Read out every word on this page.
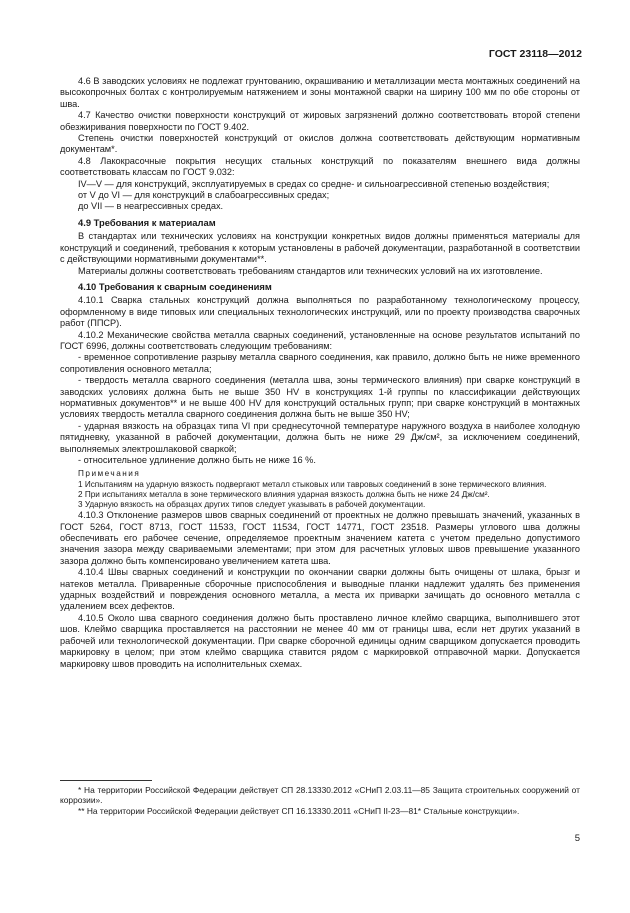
ГОСТ 23118—2012

4.6 В заводских условиях не подлежат грунтованию, окрашиванию и металлизации места монтажных соединений на высокопрочных болтах с контролируемым натяжением и зоны монтажной сварки на ширину 100 мм по обе стороны от шва.

4.7 Качество очистки поверхности конструкций от жировых загрязнений должно соответствовать второй степени обезжиривания поверхности по ГОСТ 9.402.

Степень очистки поверхностей конструкций от окислов должна соответствовать действующим нормативным документам*.

4.8 Лакокрасочные покрытия несущих стальных конструкций по показателям внешнего вида должны соответствовать классам по ГОСТ 9.032:

IV—V — для конструкций, эксплуатируемых в средах со средне- и сильноагрессивной степенью воздействия;

от V до VI — для конструкций в слабоагрессивных средах;

до VII — в неагрессивных средах.

4.9 Требования к материалам

В стандартах или технических условиях на конструкции конкретных видов должны применяться материалы для конструкций и соединений, требования к которым установлены в рабочей документации, разработанной в соответствии с действующими нормативными документами**.

Материалы должны соответствовать требованиям стандартов или технических условий на их изготовление.

4.10 Требования к сварным соединениям

4.10.1 Сварка стальных конструкций должна выполняться по разработанному технологическому процессу, оформленному в виде типовых или специальных технологических инструкций, или по проекту производства сварочных работ (ППСР).

4.10.2 Механические свойства металла сварных соединений, установленные на основе результатов испытаний по ГОСТ 6996, должны соответствовать следующим требованиям:

- временное сопротивление разрыву металла сварного соединения, как правило, должно быть не ниже временного сопротивления основного металла;

- твердость металла сварного соединения (металла шва, зоны термического влияния) при сварке конструкций в заводских условиях должна быть не выше 350 HV в конструкциях 1-й группы по классификации действующих нормативных документов** и не выше 400 HV для конструкций остальных групп; при сварке конструкций в монтажных условиях твердость металла сварного соединения должна быть не выше 350 HV;

- ударная вязкость на образцах типа VI при среднесуточной температуре наружного воздуха в наиболее холодную пятидневку, указанной в рабочей документации, должна быть не ниже 29 Дж/см², за исключением соединений, выполняемых электрошлаковой сваркой;

- относительное удлинение должно быть не ниже 16 %.

Примечания

1 Испытаниям на ударную вязкость подвергают металл стыковых или тавровых соединений в зоне термического влияния.

2 При испытаниях металла в зоне термического влияния ударная вязкость должна быть не ниже 24 Дж/см².

3 Ударную вязкость на образцах других типов следует указывать в рабочей документации.

4.10.3 Отклонение размеров швов сварных соединений от проектных не должно превышать значений, указанных в ГОСТ 5264, ГОСТ 8713, ГОСТ 11533, ГОСТ 11534, ГОСТ 14771, ГОСТ 23518. Размеры углового шва должны обеспечивать его рабочее сечение, определяемое проектным значением катета с учетом предельно допустимого значения зазора между свариваемыми элементами; при этом для расчетных угловых швов превышение указанного зазора должно быть компенсировано увеличением катета шва.

4.10.4 Швы сварных соединений и конструкции по окончании сварки должны быть очищены от шлака, брызг и натеков металла. Приваренные сборочные приспособления и выводные планки надлежит удалять без применения ударных воздействий и повреждения основного металла, а места их приварки зачищать до основного металла с удалением всех дефектов.

4.10.5 Около шва сварного соединения должно быть проставлено личное клеймо сварщика, выполнившего этот шов. Клеймо сварщика проставляется на расстоянии не менее 40 мм от границы шва, если нет других указаний в рабочей или технологической документации. При сварке сборочной единицы одним сварщиком допускается проводить маркировку в целом; при этом клеймо сварщика ставится рядом с маркировкой отправочной марки. Допускается маркировку швов проводить на исполнительных схемах.

* На территории Российской Федерации действует СП 28.13330.2012 «СНиП 2.03.11—85 Защита строительных сооружений от коррозии».

** На территории Российской Федерации действует СП 16.13330.2011 «СНиП II-23—81* Стальные конструкции».

5
